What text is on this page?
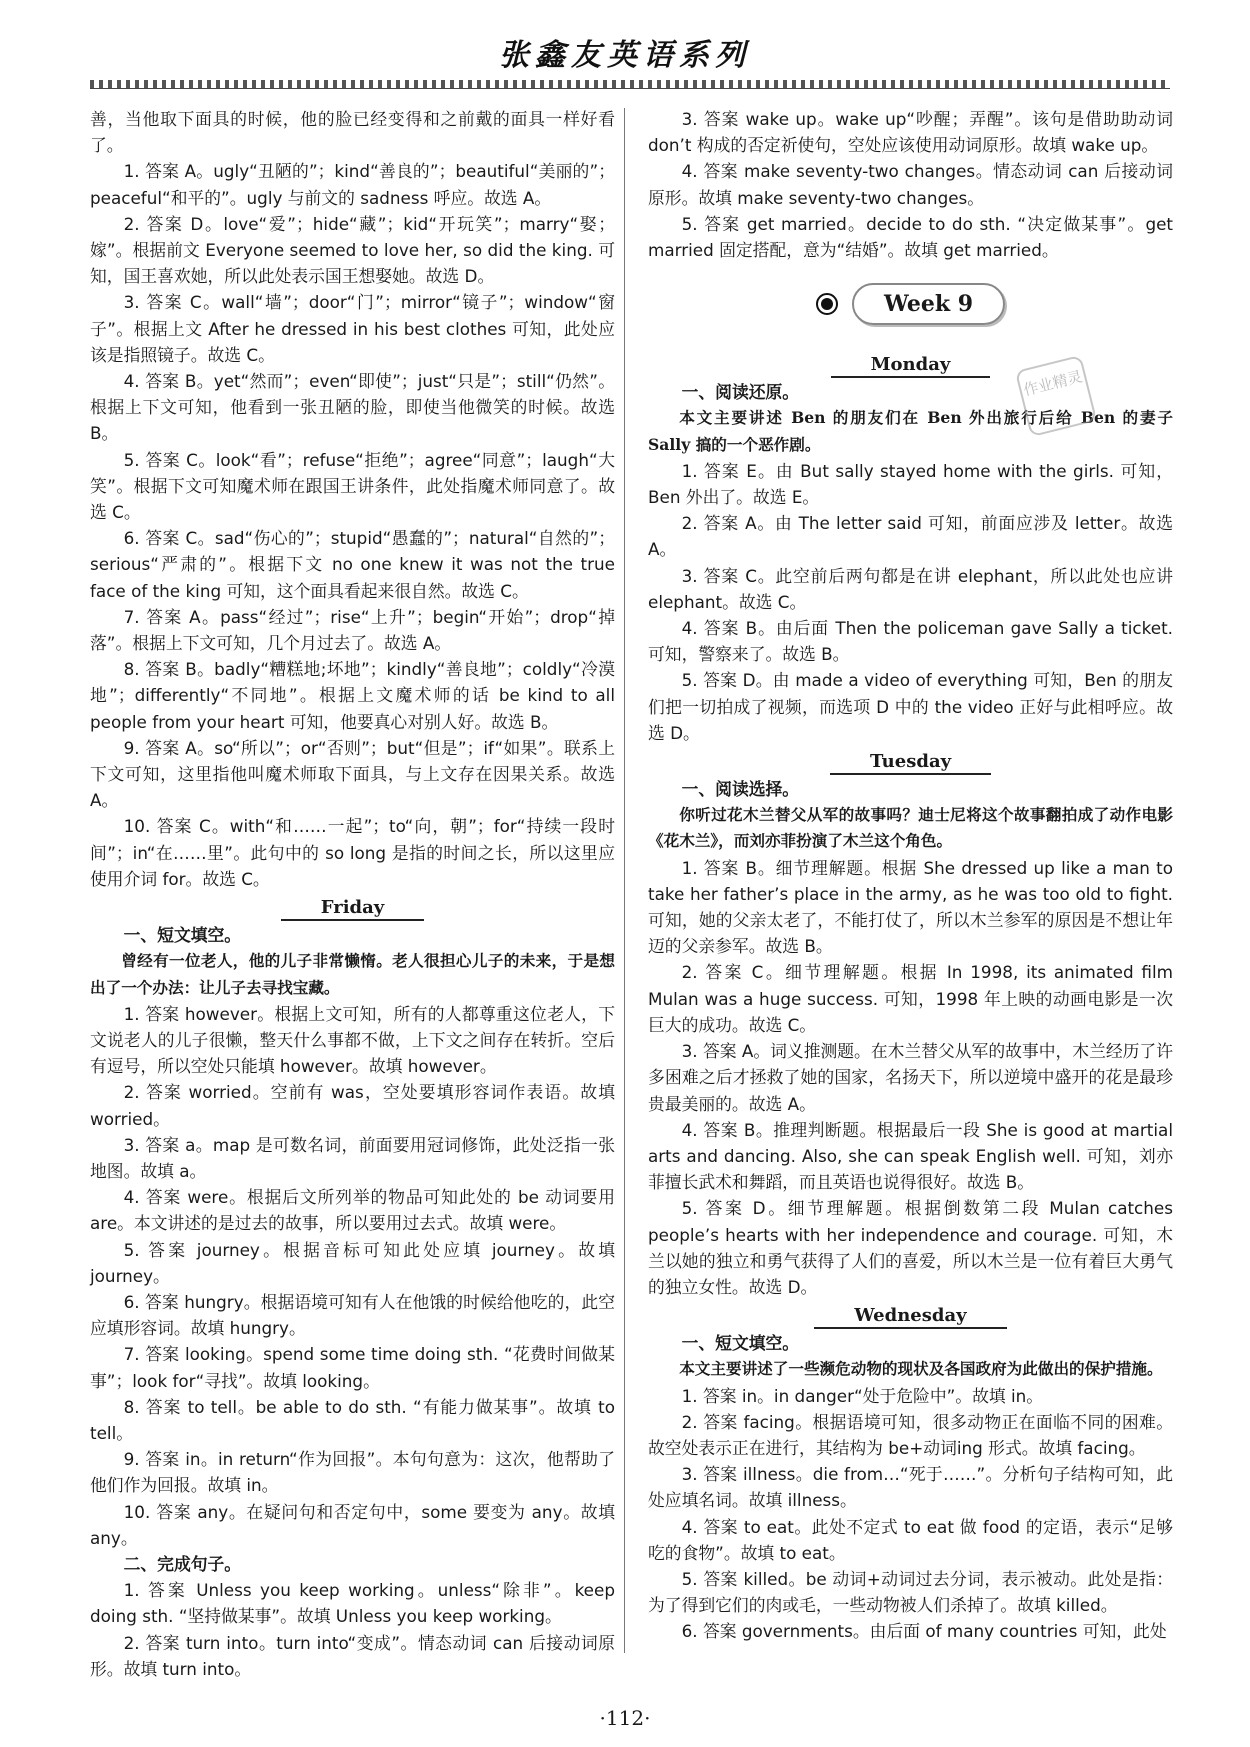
张鑫友英语系列

善，当他取下面具的时候，他的脸已经变得和之前戴的面具一样好看了。

1. 答案 A。ugly“丑陋的”；kind“善良的”；beautiful“美丽的”；peaceful“和平的”。ugly 与前文的 sadness 呼应。故选 A。

2. 答案 D。love“爱”；hide“藏”；kid“开玩笑”；marry“娶；嫁”。根据前文 Everyone seemed to love her, so did the king. 可知，国王喜欢她，所以此处表示国王想娶她。故选 D。

3. 答案 C。wall“墙”；door“门”；mirror“镜子”；window“窗子”。根据上文 After he dressed in his best clothes 可知，此处应该是指照镜子。故选 C。

4. 答案 B。yet“然而”；even“即使”；just“只是”；still“仍然”。根据上下文可知，他看到一张丑陋的脸，即使当他微笑的时候。故选 B。

5. 答案 C。look“看”；refuse“拒绝”；agree“同意”；laugh“大笑”。根据下文可知魔术师在跟国王讲条件，此处指魔术师同意了。故选 C。

6. 答案 C。sad“伤心的”；stupid“愚蠢的”；natural“自然的”；serious“严肃的”。根据下文 no one knew it was not the true face of the king 可知，这个面具看起来很自然。故选 C。

7. 答案 A。pass“经过”；rise“上升”；begin“开始”；drop“掉落”。根据上下文可知，几个月过去了。故选 A。

8. 答案 B。badly“糟糕地;坏地”；kindly“善良地”；coldly“冷漠地”；differently“不同地”。根据上文魔术师的话 be kind to all people from your heart 可知，他要真心对别人好。故选 B。

9. 答案 A。so“所以”；or“否则”；but“但是”；if“如果”。联系上下文可知，这里指他叫魔术师取下面具，与上文存在因果关系。故选 A。

10. 答案 C。with“和……一起”；to“向，朝”；for“持续一段时间”；in“在……里”。此句中的 so long 是指的时间之长，所以这里应使用介词 for。故选 C。

Friday

一、短文填空。

曾经有一位老人，他的儿子非常懒惰。老人很担心儿子的未来，于是想出了一个办法：让儿子去寻找宝藏。

1. 答案 however。根据上文可知，所有的人都尊重这位老人，下文说老人的儿子很懒，整天什么事都不做，上下文之间存在转折。空后有逗号，所以空处只能填 however。故填 however。

2. 答案 worried。空前有 was，空处要填形容词作表语。故填 worried。

3. 答案 a。map 是可数名词，前面要用冠词修饰，此处泛指一张地图。故填 a。

4. 答案 were。根据后文所列举的物品可知此处的 be 动词要用 are。本文讲述的是过去的故事，所以要用过去式。故填 were。

5. 答案 journey。根据音标可知此处应填 journey。故填 journey。

6. 答案 hungry。根据语境可知有人在他饿的时候给他吃的，此空应填形容词。故填 hungry。

7. 答案 looking。spend some time doing sth. “花费时间做某事”；look for“寻找”。故填 looking。

8. 答案 to tell。be able to do sth. “有能力做某事”。故填 to tell。

9. 答案 in。in return“作为回报”。本句句意为：这次，他帮助了他们作为回报。故填 in。

10. 答案 any。在疑问句和否定句中，some 要变为 any。故填 any。

二、完成句子。

1. 答案 Unless you keep working。unless“除非”。keep doing sth. “坚持做某事”。故填 Unless you keep working。

2. 答案 turn into。turn into“变成”。情态动词 can 后接动词原形。故填 turn into。

3. 答案 wake up。wake up“吵醒；弄醒”。该句是借助助动词 don’t 构成的否定祈使句，空处应该使用动词原形。故填 wake up。

4. 答案 make seventy-two changes。情态动词 can 后接动词原形。故填 make seventy-two changes。

5. 答案 get married。decide to do sth. “决定做某事”。get married 固定搭配，意为“结婚”。故填 get married。

Week 9
Monday

一、阅读还原。

本文主要讲述 Ben 的朋友们在 Ben 外出旅行后给 Ben 的妻子 Sally 搞的一个恶作剧。

1. 答案 E。由 But sally stayed home with the girls. 可知，Ben 外出了。故选 E。

2. 答案 A。由 The letter said 可知，前面应涉及 letter。故选 A。

3. 答案 C。此空前后两句都是在讲 elephant，所以此处也应讲 elephant。故选 C。

4. 答案 B。由后面 Then the policeman gave Sally a ticket. 可知，警察来了。故选 B。

5. 答案 D。由 made a video of everything 可知，Ben 的朋友们把一切拍成了视频，而选项 D 中的 the video 正好与此相呼应。故选 D。

Tuesday

一、阅读选择。

你听过花木兰替父从军的故事吗？迪士尼将这个故事翻拍成了动作电影《花木兰》，而刘亦菲扮演了木兰这个角色。

1. 答案 B。细节理解题。根据 She dressed up like a man to take her father’s place in the army, as he was too old to fight. 可知，她的父亲太老了，不能打仗了，所以木兰参军的原因是不想让年迈的父亲参军。故选 B。

2. 答案 C。细节理解题。根据 In 1998, its animated film Mulan was a huge success. 可知，1998 年上映的动画电影是一次巨大的成功。故选 C。

3. 答案 A。词义推测题。在木兰替父从军的故事中，木兰经历了许多困难之后才拯救了她的国家，名扬天下，所以逆境中盛开的花是最珍贵最美丽的。故选 A。

4. 答案 B。推理判断题。根据最后一段 She is good at martial arts and dancing. Also, she can speak English well. 可知，刘亦菲擅长武术和舞蹈，而且英语也说得很好。故选 B。

5. 答案 D。细节理解题。根据倒数第二段 Mulan catches people’s hearts with her independence and courage. 可知，木兰以她的独立和勇气获得了人们的喜爱，所以木兰是一位有着巨大勇气的独立女性。故选 D。

Wednesday

一、短文填空。

本文主要讲述了一些濒危动物的现状及各国政府为此做出的保护措施。

1. 答案 in。in danger“处于危险中”。故填 in。

2. 答案 facing。根据语境可知，很多动物正在面临不同的困难。故空处表示正在进行，其结构为 be+动词ing 形式。故填 facing。

3. 答案 illness。die from…“死于……”。分析句子结构可知，此处应填名词。故填 illness。

4. 答案 to eat。此处不定式 to eat 做 food 的定语，表示“足够吃的食物”。故填 to eat。

5. 答案 killed。be 动词+动词过去分词，表示被动。此处是指：为了得到它们的肉或毛，一些动物被人们杀掉了。故填 killed。

6. 答案 governments。由后面 of many countries 可知，此处

作业精灵
·112·
